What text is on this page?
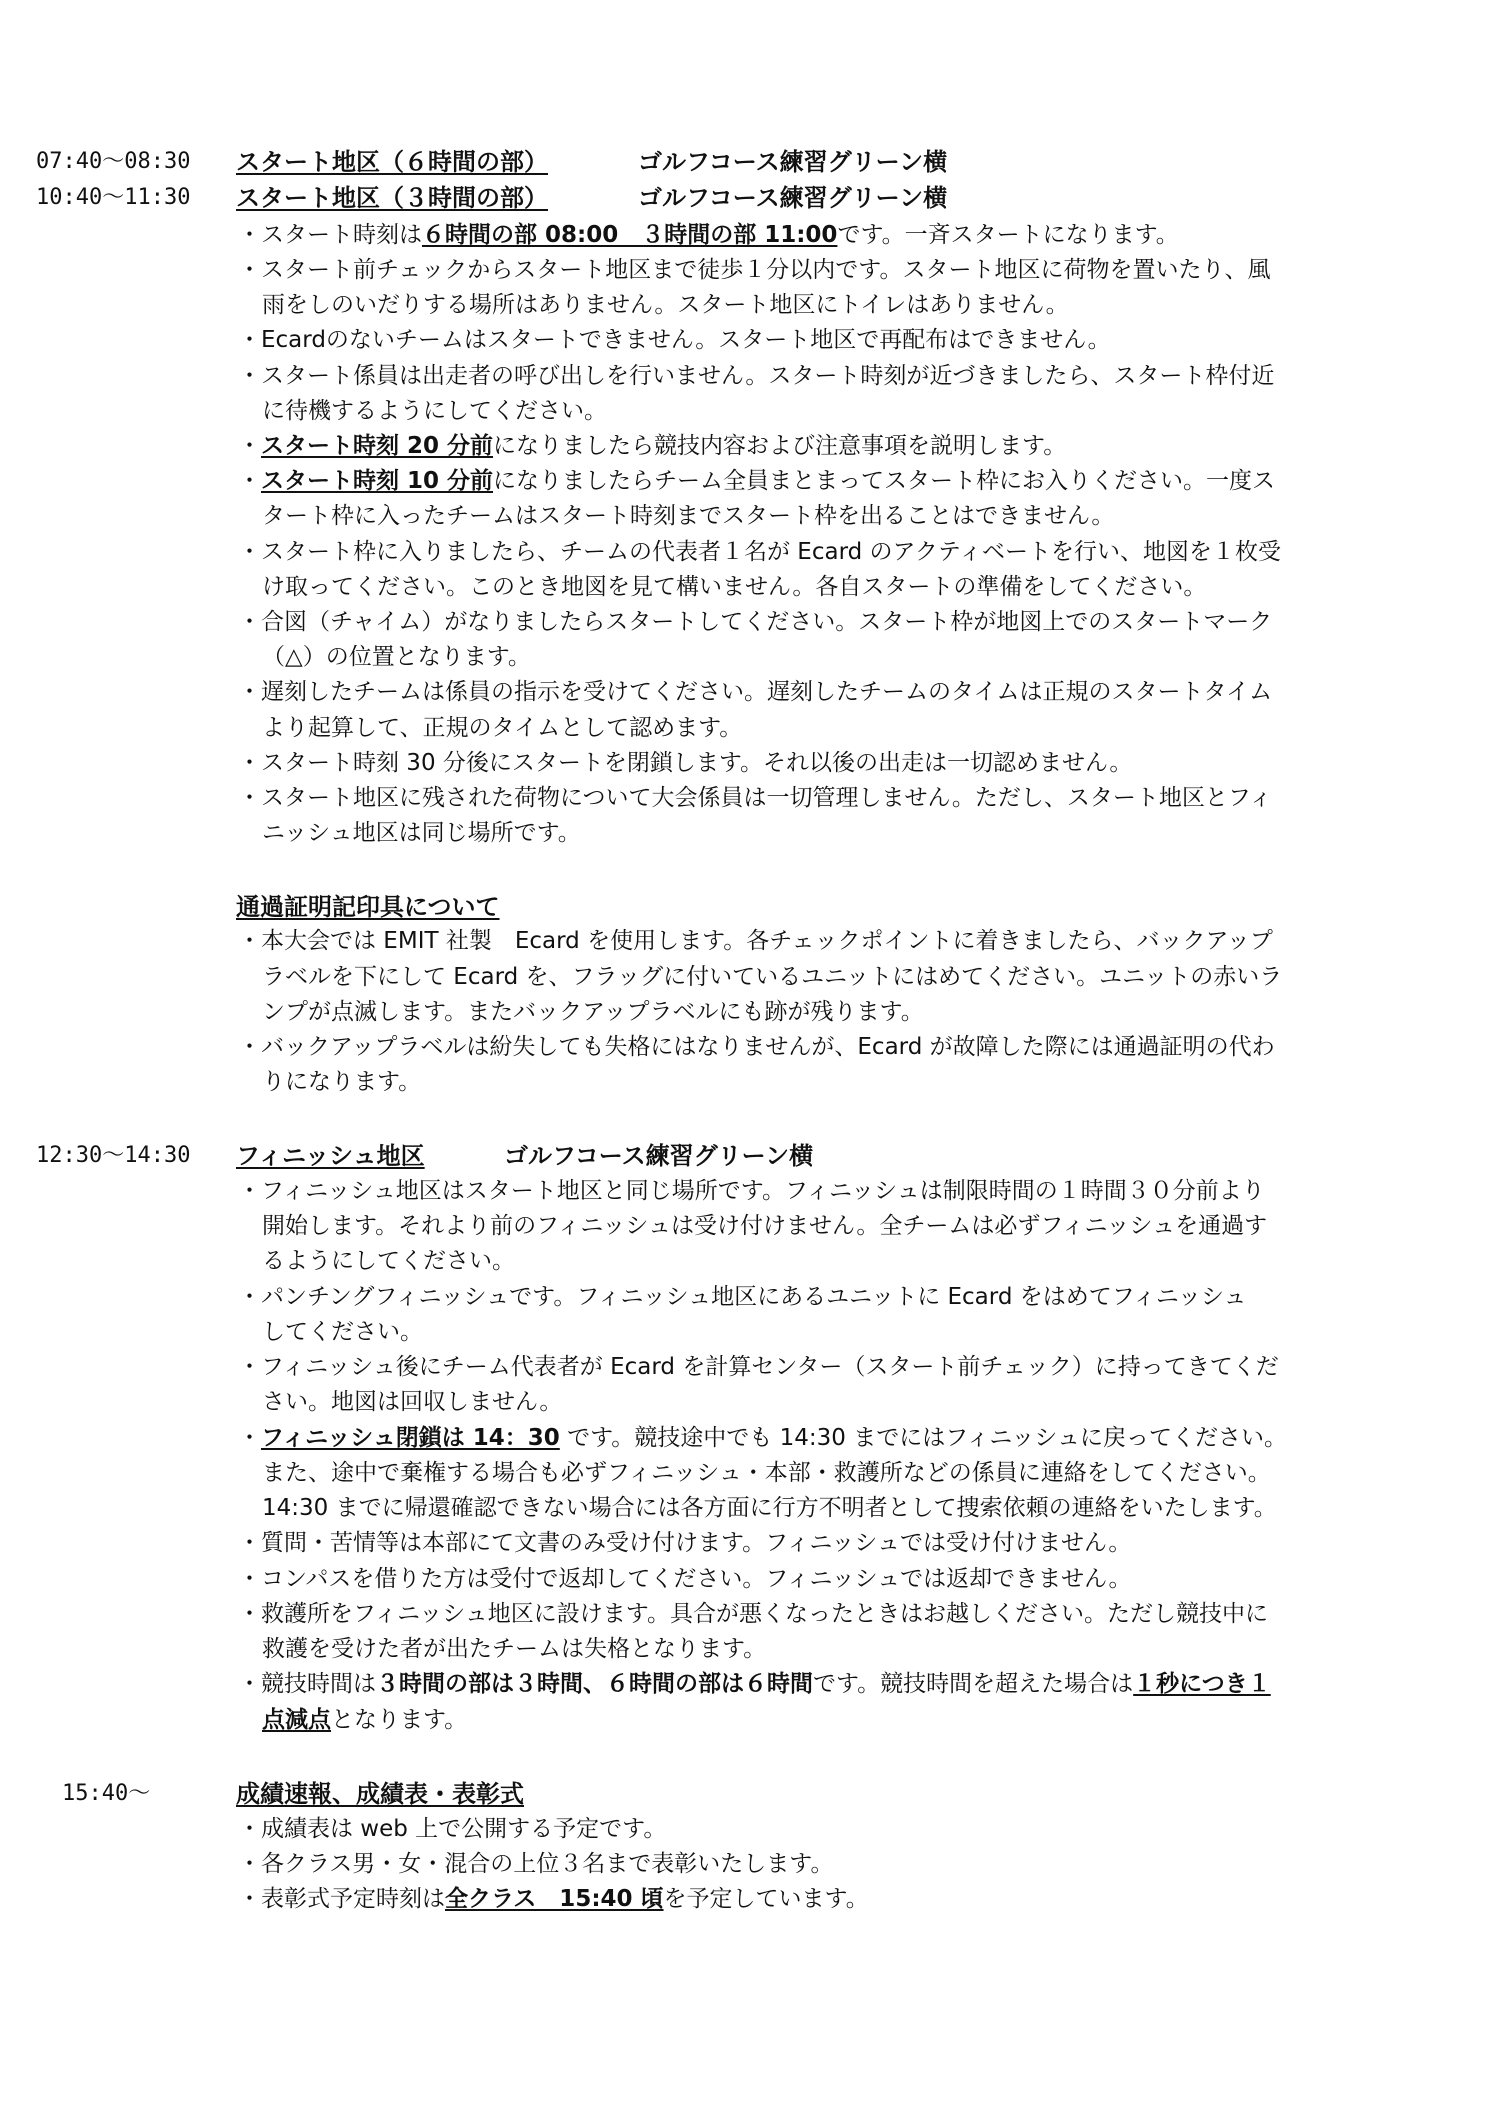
07:40～08:30 スタート地区（６時間の部）	ゴルフコース練習グリーン横
10:40～11:30 スタート地区（３時間の部）	ゴルフコース練習グリーン横
・スタート時刻は６時間の部 08:00　３時間の部 11:00です。一斉スタートになります。
・スタート前チェックからスタート地区まで徒歩１分以内です。スタート地区に荷物を置いたり、風
雨をしのいだりする場所はありません。スタート地区にトイレはありません。
・Ecardのないチームはスタートできません。スタート地区で再配布はできません。
・スタート係員は出走者の呼び出しを行いません。スタート時刻が近づきましたら、スタート枠付近
に待機するようにしてください。
・スタート時刻 20 分前になりましたら競技内容および注意事項を説明します。
・スタート時刻 10 分前になりましたらチーム全員まとまってスタート枠にお入りください。一度ス
タート枠に入ったチームはスタート時刻までスタート枠を出ることはできません。
・スタート枠に入りましたら、チームの代表者１名が Ecard のアクティベートを行い、地図を１枚受
け取ってください。このとき地図を見て構いません。各自スタートの準備をしてください。
・合図（チャイム）がなりましたらスタートしてください。スタート枠が地図上でのスタートマーク
（△）の位置となります。
・遅刻したチームは係員の指示を受けてください。遅刻したチームのタイムは正規のスタートタイム
より起算して、正規のタイムとして認めます。
・スタート時刻 30 分後にスタートを閉鎖します。それ以後の出走は一切認めません。
・スタート地区に残された荷物について大会係員は一切管理しません。ただし、スタート地区とフィ
ニッシュ地区は同じ場所です。
通過証明記印具について
・本大会では EMIT 社製　Ecard を使用します。各チェックポイントに着きましたら、バックアップ
ラベルを下にして Ecard を、フラッグに付いているユニットにはめてください。ユニットの赤いラ
ンプが点滅します。またバックアップラベルにも跡が残ります。
・バックアップラベルは紛失しても失格にはなりませんが、Ecard が故障した際には通過証明の代わ
りになります。
12:30～14:30 フィニッシュ地区	ゴルフコース練習グリーン横
・フィニッシュ地区はスタート地区と同じ場所です。フィニッシュは制限時間の１時間３０分前より
開始します。それより前のフィニッシュは受け付けません。全チームは必ずフィニッシュを通過す
るようにしてください。
・パンチングフィニッシュです。フィニッシュ地区にあるユニットに Ecard をはめてフィニッシュ
してください。
・フィニッシュ後にチーム代表者が Ecard を計算センター（スタート前チェック）に持ってきてくだ
さい。地図は回収しません。
・フィニッシュ閉鎖は 14：30 です。競技途中でも 14:30 までにはフィニッシュに戻ってください。
また、途中で棄権する場合も必ずフィニッシュ・本部・救護所などの係員に連絡をしてください。
14:30 までに帰還確認できない場合には各方面に行方不明者として捜索依頼の連絡をいたします。
・質問・苦情等は本部にて文書のみ受け付けます。フィニッシュでは受け付けません。
・コンパスを借りた方は受付で返却してください。フィニッシュでは返却できません。
・救護所をフィニッシュ地区に設けます。具合が悪くなったときはお越しください。ただし競技中に
救護を受けた者が出たチームは失格となります。
・競技時間は３時間の部は３時間、６時間の部は６時間です。競技時間を超えた場合は１秒につき１
点減点となります。
15:40～	成績速報、成績表・表彰式
・成績表は web 上で公開する予定です。
・各クラス男・女・混合の上位３名まで表彰いたします。
・表彰式予定時刻は全クラス　15:40 頃を予定しています。
